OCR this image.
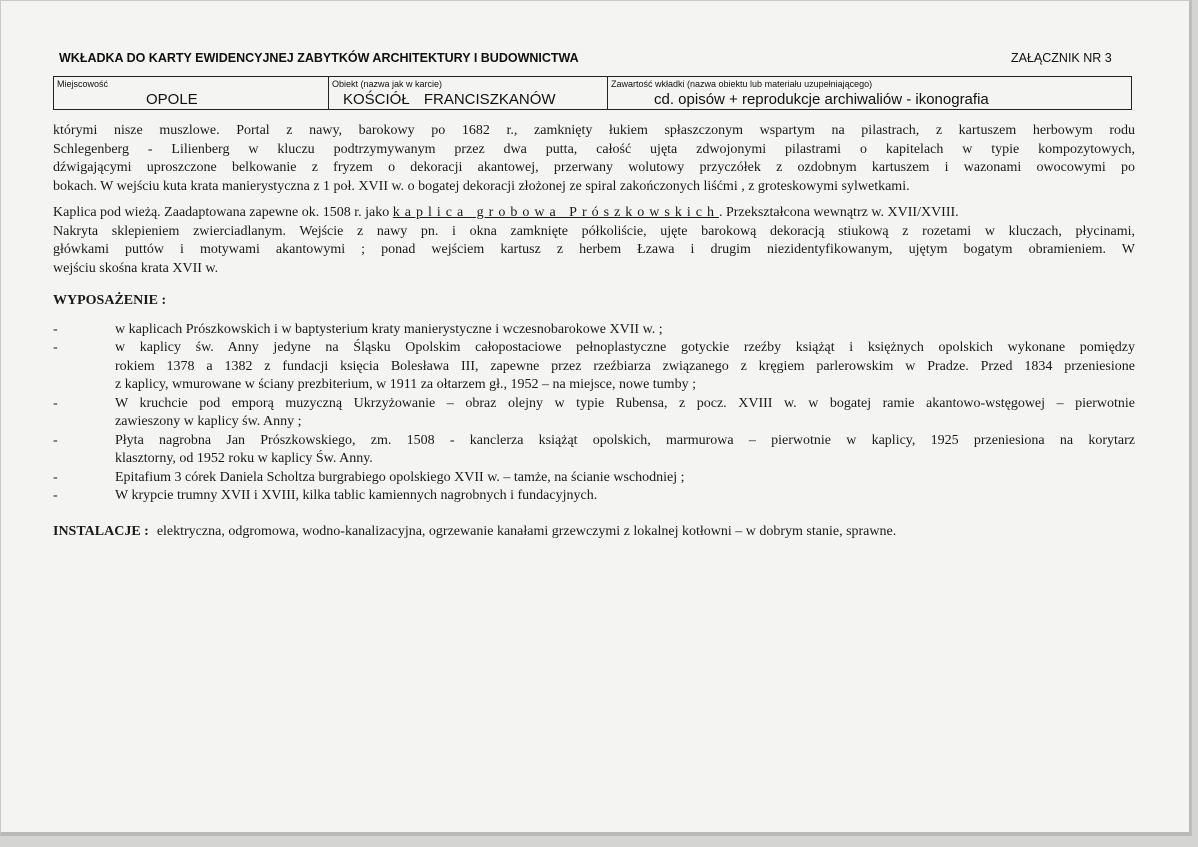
WKŁADKA DO KARTY EWIDENCYJNEJ ZABYTKÓW ARCHITEKTURY I BUDOWNICTWA	ZAŁĄCZNIK NR 3
Miejscowość
OPOLE
Obiekt (nazwa jak w karcie)
KOŚCIÓŁ FRANCISZKANÓW
Zawartość wkładki (nazwa obiektu lub materiału uzupełniającego)
cd. opisów + reprodukcje archiwaliów - ikonografia
którymi nisze muszlowe. Portal z nawy, barokowy po 1682 r., zamknięty łukiem spłaszczonym wspartym na pilastrach, z kartuszem herbowym rodu
Schlegenberg - Lilienberg w kluczu podtrzymywanym przez dwa putta, całość ujęta zdwojonymi pilastrami o kapitelach w typie kompozytowych,
dźwigającymi uproszczone belkowanie z fryzem o dekoracji akantowej, przerwany wolutowy przyczółek z ozdobnym kartuszem i wazonami owocowymi po
bokach. W wejściu kuta krata manierystyczna z 1 poł. XVII w. o bogatej dekoracji złożonej ze spiral zakończonych liśćmi , z groteskowymi sylwetkami.
Kaplica pod wieżą. Zaadaptowana zapewne ok. 1508 r. jako kaplica grobowa Prószkowskich. Przekształcona wewnątrz w. XVII/XVIII.
Nakryta sklepieniem zwierciadlanym. Wejście z nawy pn. i okna zamknięte półkoliście, ujęte barokową dekoracją stiukową z rozetami w kluczach, płycinami,
główkami puttów i motywami akantowymi ; ponad wejściem kartusz z herbem Łzawa i drugim niezidentyfikowanym, ujętym bogatym obramieniem. W
wejściu skośna krata XVII w.
WYPOSAŻENIE :
-	w kaplicach Prószkowskich i w baptysterium krаty manierystyczne i wczesnobarokowe XVII w. ;
-	w kaplicy św. Anny jedyne na Śląsku Opolskim całopostaciowe pełnoplastyczne gotyckie rzeźby książąt i księżnych opolskich wykonane pomiędzy
rokiem 1378 a 1382 z fundacji księcia Bolesława III, zapewne przez rzeźbiarza związanego z kręgiem parlerowskim w Pradze. Przed 1834 przeniesione
z kaplicy, wmurowane w ściany prezbiterium, w 1911 za ołtarzem gł., 1952 – na miejsce, nowe tumby ;
-	W kruchcie pod emporą muzyczną Ukrzyżowanie – obraz olejny w typie Rubensa, z pocz. XVIII w. w bogatej ramie akantowo-wstęgowej – pierwotnie
zawieszony w kaplicy św. Anny ;
-	Płyta nagrobna Jan Prószkowskiego, zm. 1508 - kanclerza książąt opolskich, marmurowa – pierwotnie w kaplicy, 1925 przeniesiona na korytarz
klasztorny, od 1952 roku w kaplicy Św. Anny.
-	Epitafium 3 córek Daniela Scholtza burgrabiego opolskiego XVII w. – tamże, na ścianie wschodniej ;
-	W krypcie trumny XVII i XVIII, kilka tablic kamiennych nagrobnych i fundacyjnych.
INSTALACJE : elektryczna, odgromowa, wodno-kanalizacyjna, ogrzewanie kanałami grzewczymi z lokalnej kotłowni – w dobrym stanie, sprawne.
